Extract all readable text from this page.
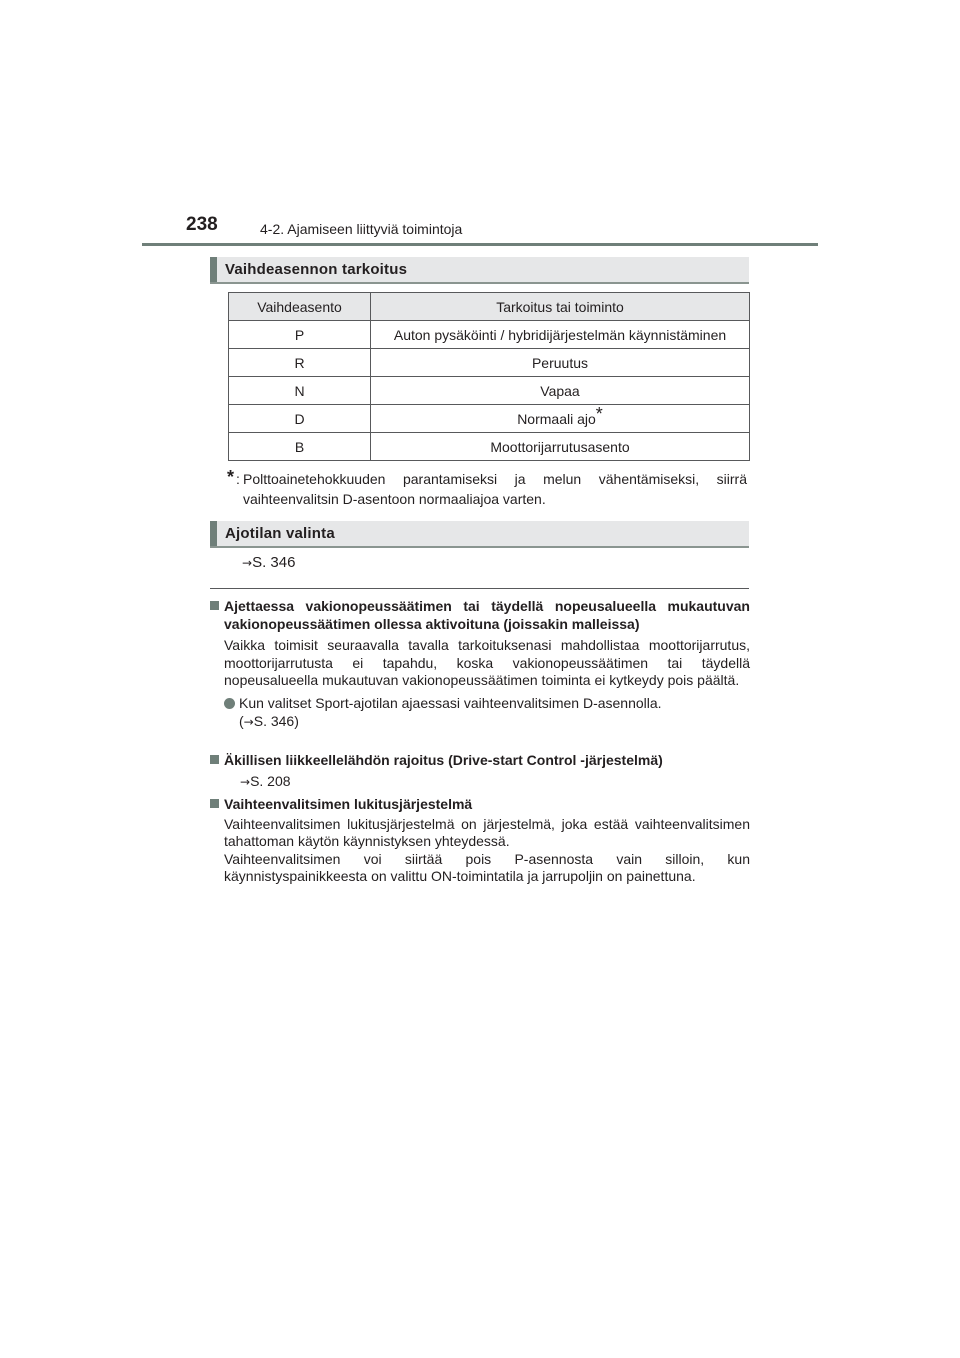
238	4-2. Ajamiseen liittyviä toimintoja
Vaihdeasennon tarkoitus
Vaihdeasento	Tarkoitus tai toiminto
P	Auton pysäköinti / hybridijärjestelmän käynnistäminen
R	Peruutus
N	Vapaa
D	Normaali ajo*
B	Moottorijarrutusasento
* : Polttoainetehokkuuden parantamiseksi ja melun vähentämiseksi, siirrä vaihteenvalitsin D-asentoon normaaliajoa varten.
Ajotilan valinta
→S. 346
Ajettaessa vakionopeussäätimen tai täydellä nopeusalueella mukautuvan vakionopeussäätimen ollessa aktivoituna (joissakin malleissa)
Vaikka toimisit seuraavalla tavalla tarkoituksenasi mahdollistaa moottorijarrutus, moottorijarrutusta ei tapahdu, koska vakionopeussäätimen tai täydellä nopeusalueella mukautuvan vakionopeussäätimen toiminta ei kytkeydy pois päältä.
Kun valitset Sport-ajotilan ajaessasi vaihteenvalitsimen D-asennolla.
(→S. 346)
Äkillisen liikkeellelähdön rajoitus (Drive-start Control -järjestelmä)
→S. 208
Vaihteenvalitsimen lukitusjärjestelmä
Vaihteenvalitsimen lukitusjärjestelmä on järjestelmä, joka estää vaihteenvalitsimen tahattoman käytön käynnistyksen yhteydessä.
Vaihteenvalitsimen voi siirtää pois P-asennosta vain silloin, kun käynnistyspainikkeesta on valittu ON-toimintatila ja jarrupoljin on painettuna.
